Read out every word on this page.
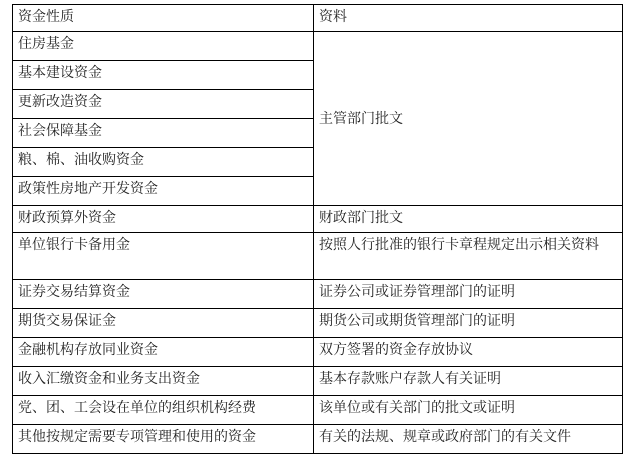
资金性质	资料
住房基金	主管部门批文
基本建设资金	
更新改造资金	
社会保障基金	
粮、棉、油收购资金	
政策性房地产开发资金	
财政预算外资金	财政部门批文
单位银行卡备用金	按照人行批准的银行卡章程规定出示相关资料
证券交易结算资金	证券公司或证券管理部门的证明
期货交易保证金	期货公司或期货管理部门的证明
金融机构存放同业资金	双方签署的资金存放协议
收入汇缴资金和业务支出资金	基本存款账户存款人有关证明
党、团、工会设在单位的组织机构经费	该单位或有关部门的批文或证明
其他按规定需要专项管理和使用的资金	有关的法规、规章或政府部门的有关文件
